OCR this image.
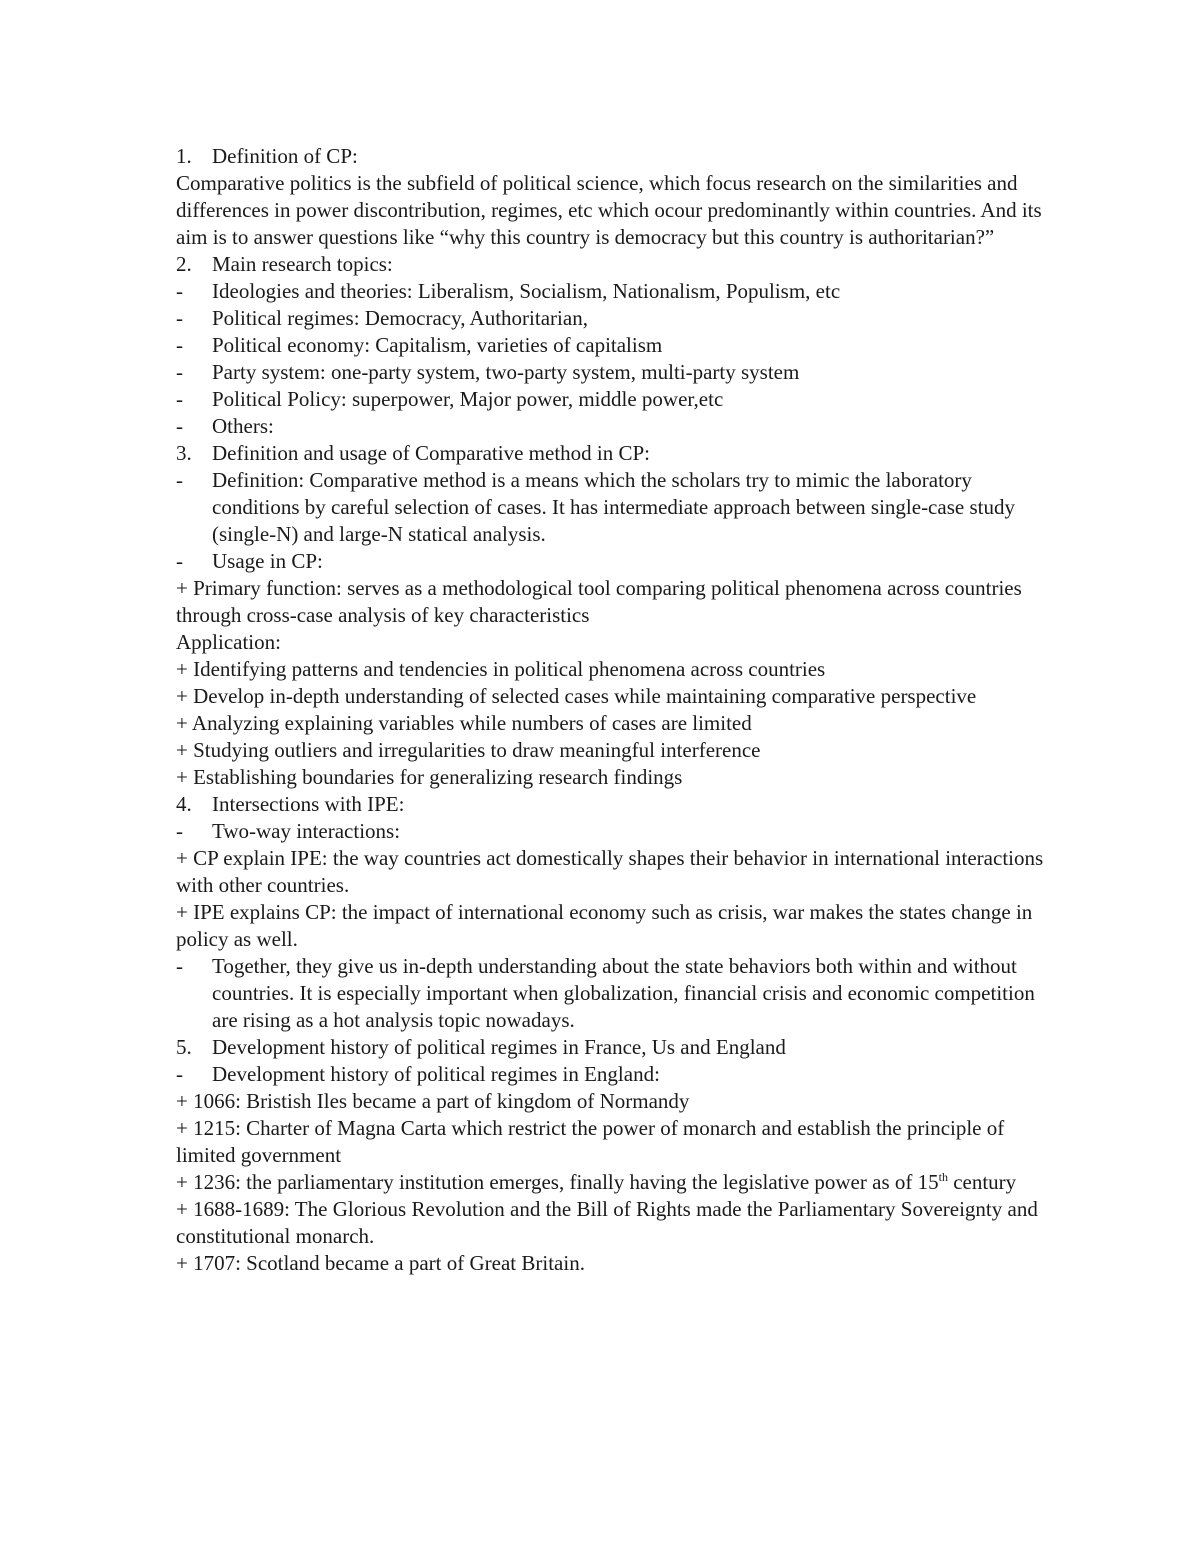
1. Definition of CP:
Comparative politics is the subfield of political science, which focus research on the similarities and differences in power discontribution, regimes, etc which ocour predominantly within countries. And its aim is to answer questions like “why this country is democracy but this country is authoritarian?”
2. Main research topics:
-	Ideologies and theories: Liberalism, Socialism, Nationalism, Populism, etc
-	Political regimes: Democracy, Authoritarian,
-	Political economy: Capitalism, varieties of capitalism
-	Party system: one-party system, two-party system, multi-party system
-	Political Policy: superpower, Major power, middle power,etc
-	Others:
3. Definition and usage of Comparative method in CP:
-	Definition: Comparative method is a means which the scholars try to mimic the laboratory conditions by careful selection of cases. It has intermediate approach between single-case study (single-N) and large-N statical analysis.
-	Usage in CP:
+ Primary function: serves as a methodological tool comparing political phenomena across countries through cross-case analysis of key characteristics
Application:
+ Identifying patterns and tendencies in political phenomena across countries
+ Develop in-depth understanding of selected cases while maintaining comparative perspective
+ Analyzing explaining variables while numbers of cases are limited
+ Studying outliers and irregularities to draw meaningful interference
+ Establishing boundaries for generalizing research findings
4. Intersections with IPE:
-	Two-way interactions:
+ CP explain IPE: the way countries act domestically shapes their behavior in international interactions with other countries.
+ IPE explains CP: the impact of international economy such as crisis, war makes the states change in policy as well.
-	Together, they give us in-depth understanding about the state behaviors both within and without countries. It is especially important when globalization, financial crisis and economic competition are rising as a hot analysis topic nowadays.
5. Development history of political regimes in France, Us and England
-	Development history of political regimes in England:
+ 1066: Bristish Iles became a part of kingdom of Normandy
+ 1215: Charter of Magna Carta which restrict the power of monarch and establish the principle of limited government
+ 1236: the parliamentary institution emerges, finally having the legislative power as of 15th century
+ 1688-1689: The Glorious Revolution and the Bill of Rights made the Parliamentary Sovereignty and constitutional monarch.
+ 1707: Scotland became a part of Great Britain.
